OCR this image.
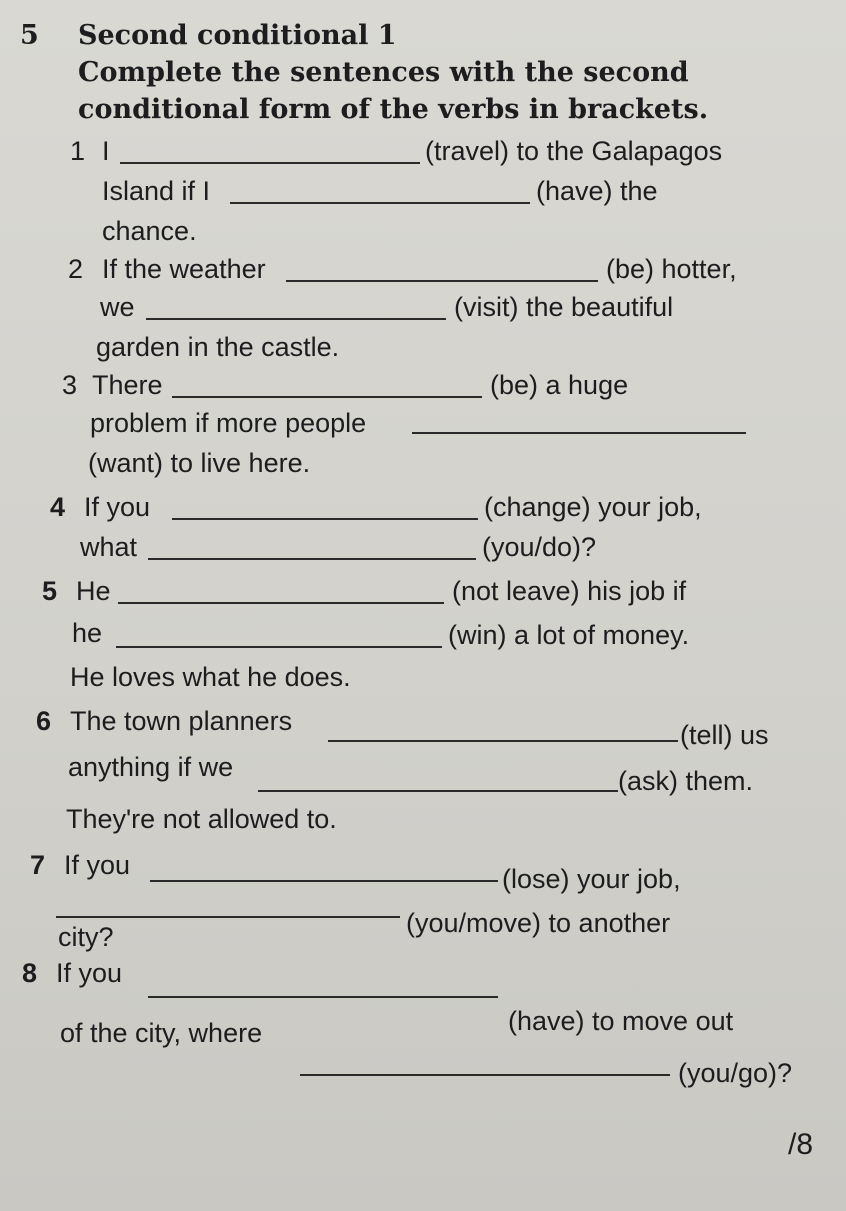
5 Second conditional 1
Complete the sentences with the second
conditional form of the verbs in brackets.
1 I	(travel) to the Galapagos
Island if I	(have) the
chance.
2 If the weather	(be) hotter,
we	(visit) the beautiful
garden in the castle.
3 There	(be) a huge
problem if more people
(want) to live here.
4 If you	(change) your job,
what	(you/do)?
5 He	(not leave) his job if
he	(win) a lot of money.
He loves what he does.
6 The town planners	(tell) us
anything if we	(ask) them.
They're not allowed to.
7 If you	(lose) your job,
(you/move) to another
city?
8 If you
(have) to move out
of the city, where
(you/go)?
/8
